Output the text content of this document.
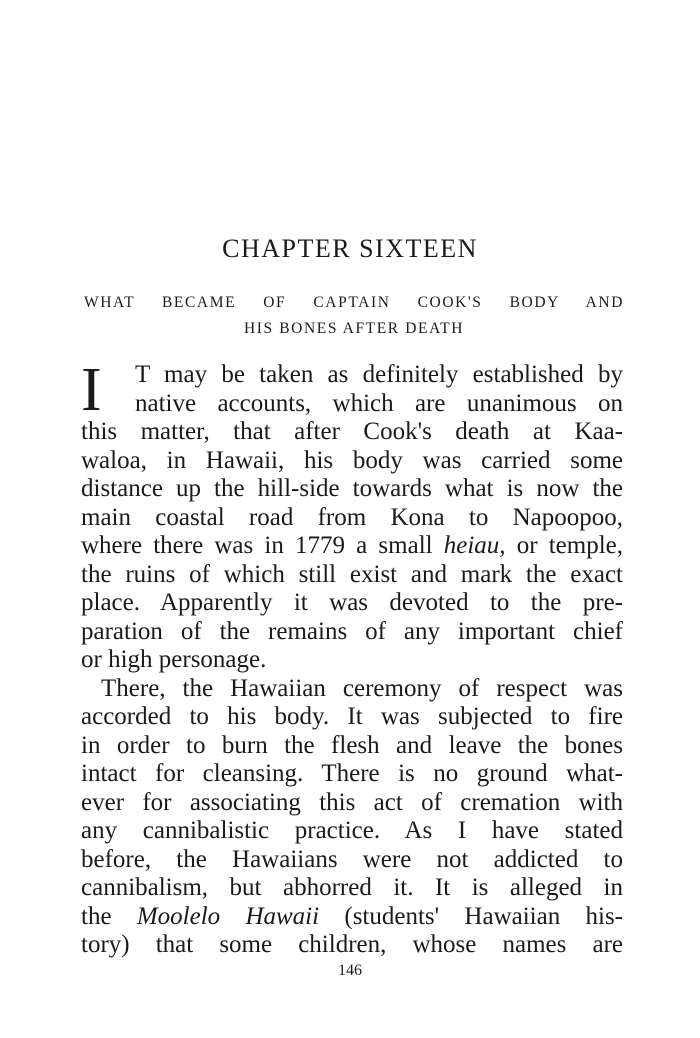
CHAPTER SIXTEEN
WHAT BECAME OF CAPTAIN COOK'S BODY AND
HIS BONES AFTER DEATH
I T may be taken as definitely established by
native accounts, which are unanimous on
this matter, that after Cook's death at Kaa-
waloa, in Hawaii, his body was carried some
distance up the hill-side towards what is now the
main coastal road from Kona to Napoopoo,
where there was in 1779 a small heiau, or temple,
the ruins of which still exist and mark the exact
place. Apparently it was devoted to the pre-
paration of the remains of any important chief
or high personage.
There, the Hawaiian ceremony of respect was
accorded to his body. It was subjected to fire
in order to burn the flesh and leave the bones
intact for cleansing. There is no ground what-
ever for associating this act of cremation with
any cannibalistic practice. As I have stated
before, the Hawaiians were not addicted to
cannibalism, but abhorred it. It is alleged in
the Moolelo Hawaii (students' Hawaiian his-
tory) that some children, whose names are
146
